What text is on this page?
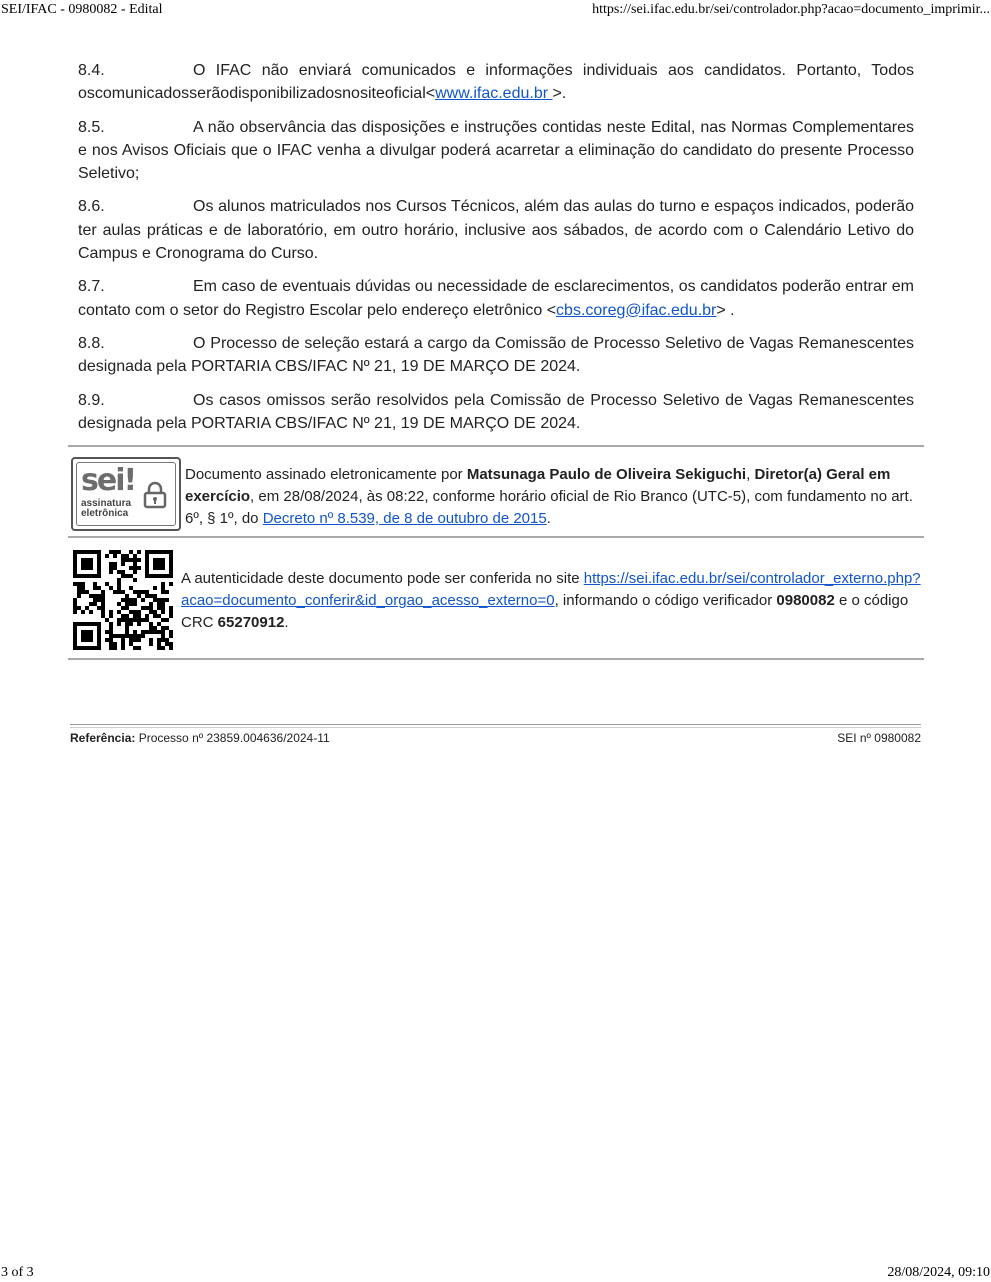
SEI/IFAC - 0980082 - Edital	https://sei.ifac.edu.br/sei/controlador.php?acao=documento_imprimir...

8.4.	O IFAC não enviará comunicados e informações individuais aos candidatos. Portanto, Todos oscomunicadosserãodisponibilizadosnositeoficial<www.ifac.edu.br >.

8.5.	A não observância das disposições e instruções contidas neste Edital, nas Normas Complementares e nos Avisos Oficiais que o IFAC venha a divulgar poderá acarretar a eliminação do candidato do presente Processo Seletivo;

8.6.	Os alunos matriculados nos Cursos Técnicos, além das aulas do turno e espaços indicados, poderão ter aulas práticas e de laboratório, em outro horário, inclusive aos sábados, de acordo com o Calendário Letivo do Campus e Cronograma do Curso.

8.7.	Em caso de eventuais dúvidas ou necessidade de esclarecimentos, os candidatos poderão entrar em contato com o setor do Registro Escolar pelo endereço eletrônico <cbs.coreg@ifac.edu.br> .

8.8.	O Processo de seleção estará a cargo da Comissão de Processo Seletivo de Vagas Remanescentes designada pela PORTARIA CBS/IFAC Nº 21, 19 DE MARÇO DE 2024.

8.9.	Os casos omissos serão resolvidos pela Comissão de Processo Seletivo de Vagas Remanescentes designada pela PORTARIA CBS/IFAC Nº 21, 19 DE MARÇO DE 2024.

sei!
assinatura
eletrônica
Documento assinado eletronicamente por Matsunaga Paulo de Oliveira Sekiguchi, Diretor(a) Geral em exercício, em 28/08/2024, às 08:22, conforme horário oficial de Rio Branco (UTC-5), com fundamento no art. 6º, § 1º, do Decreto nº 8.539, de 8 de outubro de 2015.
A autenticidade deste documento pode ser conferida no site https://sei.ifac.edu.br/sei/controlador_externo.php?acao=documento_conferir&id_orgao_acesso_externo=0, informando o código verificador 0980082 e o código CRC 65270912.
Referência: Processo nº 23859.004636/2024-11	SEI nº 0980082
3 of 3	28/08/2024, 09:10
